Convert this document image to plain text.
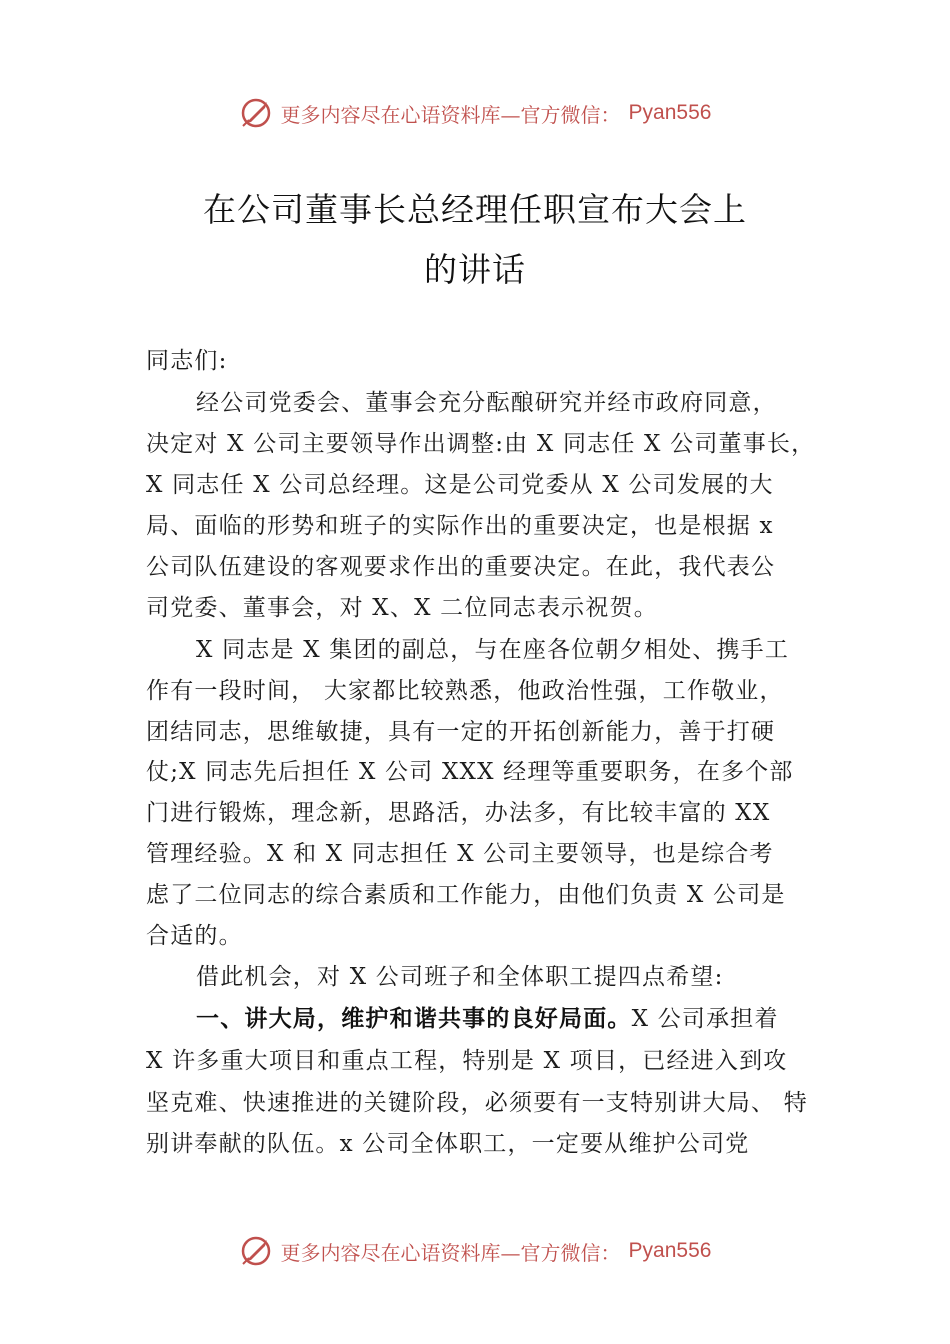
更多内容尽在心语资料库—官方微信： Pyan556
在公司董事长总经理任职宣布大会上
的讲话
同志们:
经公司党委会、董事会充分酝酿研究并经市政府同意，
决定对 X 公司主要领导作出调整:由 X 同志任 X 公司董事长，
X 同志任 X 公司总经理。这是公司党委从 X 公司发展的大
局、面临的形势和班子的实际作出的重要决定，也是根据 x
公司队伍建设的客观要求作出的重要决定。在此，我代表公
司党委、董事会，对 X、X 二位同志表示祝贺。
X 同志是 X 集团的副总，与在座各位朝夕相处、携手工
作有一段时间， 大家都比较熟悉，他政治性强，工作敬业，
团结同志，思维敏捷，具有一定的开拓创新能力，善于打硬
仗;X 同志先后担任 X 公司 XXX 经理等重要职务，在多个部
门进行锻炼，理念新，思路活，办法多，有比较丰富的 XX
管理经验。X 和 X 同志担任 X 公司主要领导，也是综合考
虑了二位同志的综合素质和工作能力，由他们负责 X 公司是
合适的。
借此机会，对 X 公司班子和全体职工提四点希望:
一、讲大局，维护和谐共事的良好局面。X 公司承担着
X 许多重大项目和重点工程，特别是 X 项目，已经进入到攻
坚克难、快速推进的关键阶段，必须要有一支特别讲大局、 特
别讲奉献的队伍。x 公司全体职工，一定要从维护公司党
更多内容尽在心语资料库—官方微信： Pyan556
